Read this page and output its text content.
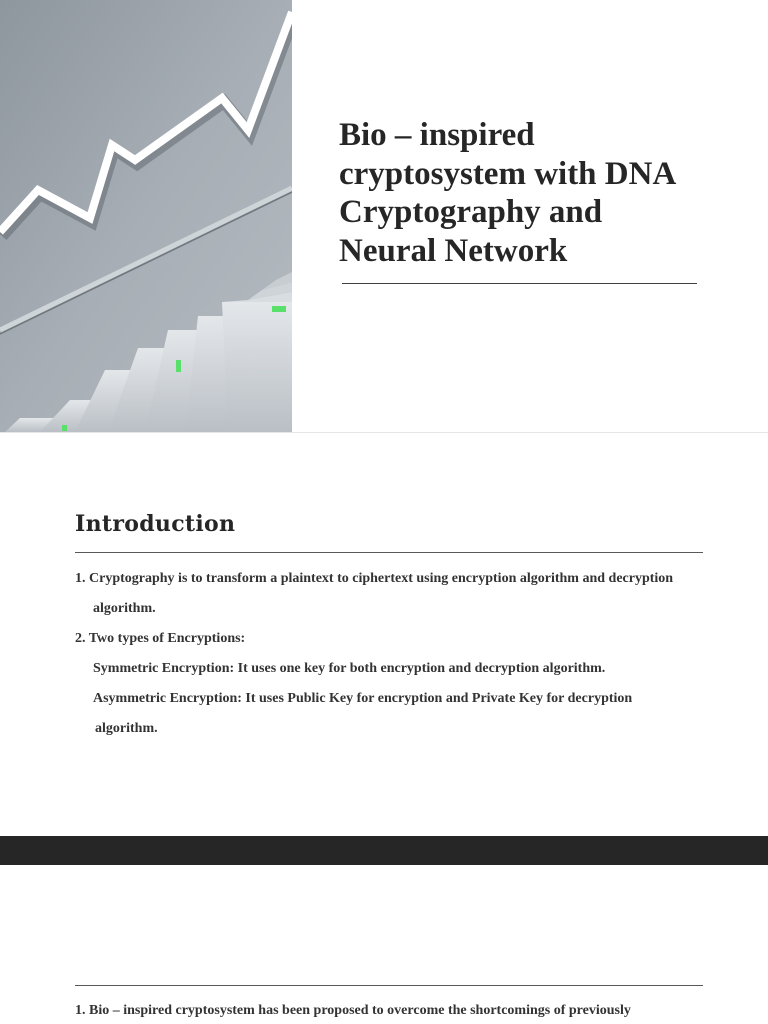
Bio – inspired
cryptosystem with DNA
Cryptography and
Neural Network
Introduction

1. Cryptography is to transform a plaintext to ciphertext using encryption algorithm and decryption

algorithm.

2. Two types of Encryptions:

Symmetric Encryption: It uses one key for both encryption and decryption algorithm.

Asymmetric Encryption: It uses Public Key for encryption and Private Key for decryption

algorithm.

1. Bio – inspired cryptosystem has been proposed to overcome the shortcomings of previously
